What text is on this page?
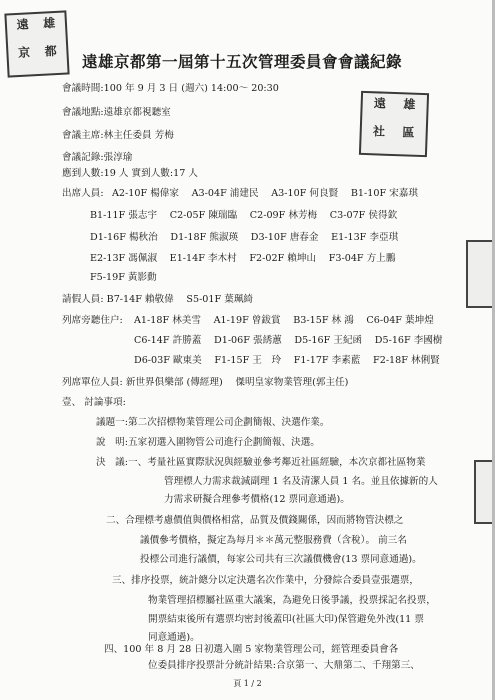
遠	雄
京	都
遠	雄
社	區
遠雄京都第一屆第十五次管理委員會會議紀錄
會議時間:100 年 9 月 3 日 (週六) 14:00～ 20:30
會議地點:遠雄京都視聽室
會議主席:林主任委員 芳梅
會議記錄:張淳瑜
應到人數:19 人 實到人數:17 人
出席人員: A2-10F 楊偉家　 A3-04F 浦建民　 A3-10F 何良賢　 B1-10F 宋嘉琪
B1-11F 張志宇　 C2-05F 陳瑞臨　 C2-09F 林芳梅　 C3-07F 侯得欽
D1-16F 楊秋治　 D1-18F 熊淑瑛　 D3-10F 唐春金　 E1-13F 李亞琪
E2-13F 馮佩淑　 E1-14F 李木村　 F2-02F 賴坤山　 F3-04F 方上鵬
F5-19F 黃影動
請假人員: B7-14F 賴敬偉　 S5-01F 葉珮綺
列席旁聽住户: A1-18F 林美雪　 A1-19F 曾鈸賞　 B3-15F 林 鴻　 C6-04F 葉坤煌
C6-14F 許勝蓋　 D1-06F 張綉蕙　 D5-16F 王紀函　 D5-16F 李國樹
D6-03F 歐東美　 F1-15F 王　玲　 F1-17F 李素藍　 F2-18F 林俐賢
列席單位人員: 新世界俱樂部 (傳經理)　 傑明皇家物業管理(郭主任)
壹、 討論事項:
議題一:第二次招標物業管理公司企劃簡報、決選作業。
說　明:五家初選入圍物管公司進行企劃簡報、決選。
決　議:一、考量社區實際狀況與經驗並參考鄰近社區經驗，本次京都社區物業
管理標人力需求裁減副理 1 名及清潔人員 1 名。並且依據新的人
力需求研擬合理參考價格(12 票同意通過)。
二、合理標考慮價值與價格相當，品質及價錢關係，因而將物管決標之
議價參考價格，擬定為每月＊＊萬元整服務費（含稅）。 前三名
投標公司進行議價，每家公司共有三次議價機會(13 票同意通過)。
三、排序投票，統計總分以定決選名次作業中，分發綜合委員壹張選票，
物業管理招標屬社區重大議案，為避免日後爭議，投票採記名投票，
開票結束後所有選票均密封後蓋印(社區大印)保管避免外洩(11 票
同意通過)。
四、100 年 8 月 28 日初選入圍 5 家物業管理公司，經管理委員會各
位委員排序投票計分統計結果:合京第一、大鼎第二、千翔第三、
頁 1 / 2
